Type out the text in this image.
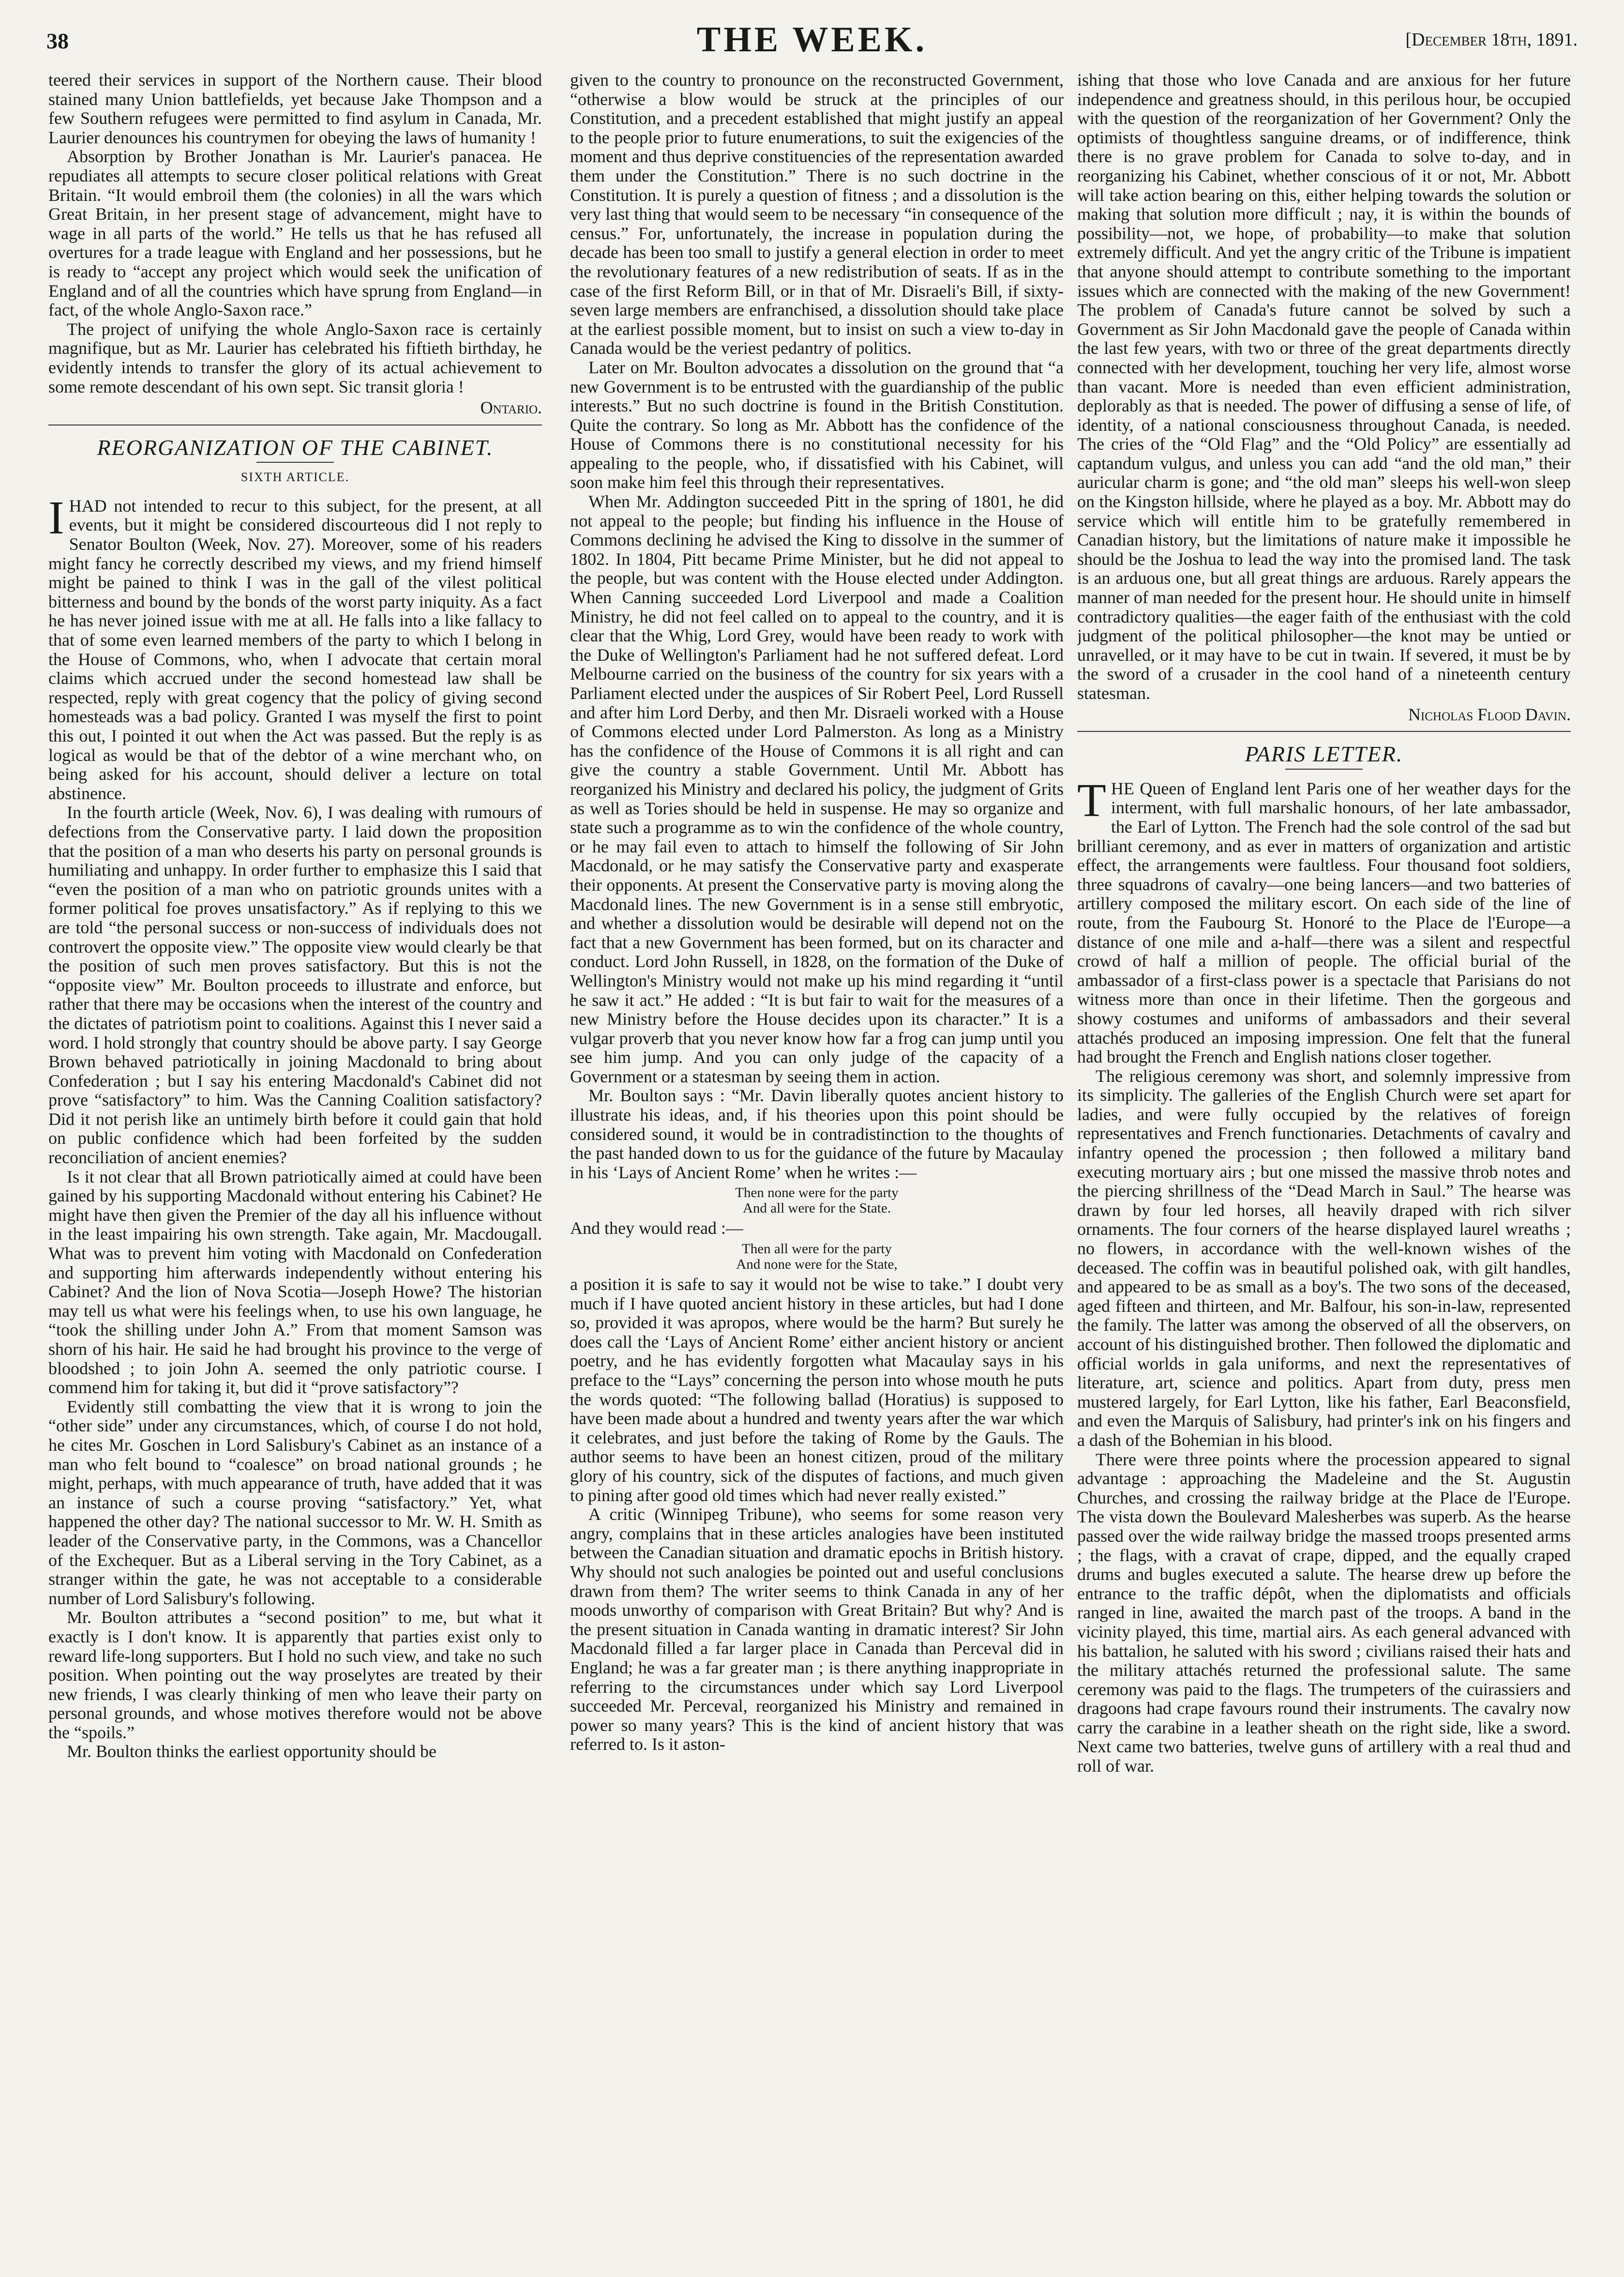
38	THE WEEK.	[December 18th, 1891.

teered their services in support of the Northern cause. Their blood stained many Union battlefields, yet because Jake Thompson and a few Southern refugees were permitted to find asylum in Canada, Mr. Laurier denounces his countrymen for obeying the laws of humanity !

Absorption by Brother Jonathan is Mr. Laurier's panacea. He repudiates all attempts to secure closer political relations with Great Britain. “It would embroil them (the colonies) in all the wars which Great Britain, in her present stage of advancement, might have to wage in all parts of the world.” He tells us that he has refused all overtures for a trade league with England and her possessions, but he is ready to “accept any project which would seek the unification of England and of all the countries which have sprung from England—in fact, of the whole Anglo-Saxon race.”

The project of unifying the whole Anglo-Saxon race is certainly magnifique, but as Mr. Laurier has celebrated his fiftieth birthday, he evidently intends to transfer the glory of its actual achievement to some remote descendant of his own sept. Sic transit gloria !

Ontario.
REORGANIZATION OF THE CABINET.
SIXTH ARTICLE.

IHAD not intended to recur to this subject, for the present, at all events, but it might be considered discourteous did I not reply to Senator Boulton (Week, Nov. 27). Moreover, some of his readers might fancy he correctly described my views, and my friend himself might be pained to think I was in the gall of the vilest political bitterness and bound by the bonds of the worst party iniquity. As a fact he has never joined issue with me at all. He falls into a like fallacy to that of some even learned members of the party to which I belong in the House of Commons, who, when I advocate that certain moral claims which accrued under the second homestead law shall be respected, reply with great cogency that the policy of giving second homesteads was a bad policy. Granted I was myself the first to point this out, I pointed it out when the Act was passed. But the reply is as logical as would be that of the debtor of a wine merchant who, on being asked for his account, should deliver a lecture on total abstinence.

In the fourth article (Week, Nov. 6), I was dealing with rumours of defections from the Conservative party. I laid down the proposition that the position of a man who deserts his party on personal grounds is humiliating and unhappy. In order further to emphasize this I said that “even the position of a man who on patriotic grounds unites with a former political foe proves unsatisfactory.” As if replying to this we are told “the personal success or non-success of individuals does not controvert the opposite view.” The opposite view would clearly be that the position of such men proves satisfactory. But this is not the “opposite view” Mr. Boulton proceeds to illustrate and enforce, but rather that there may be occasions when the interest of the country and the dictates of patriotism point to coalitions. Against this I never said a word. I hold strongly that country should be above party. I say George Brown behaved patriotically in joining Macdonald to bring about Confederation ; but I say his entering Macdonald's Cabinet did not prove “satisfactory” to him. Was the Canning Coalition satisfactory? Did it not perish like an untimely birth before it could gain that hold on public confidence which had been forfeited by the sudden reconciliation of ancient enemies?

Is it not clear that all Brown patriotically aimed at could have been gained by his supporting Macdonald without entering his Cabinet? He might have then given the Premier of the day all his influence without in the least impairing his own strength. Take again, Mr. Macdougall. What was to prevent him voting with Macdonald on Confederation and supporting him afterwards independently without entering his Cabinet? And the lion of Nova Scotia—Joseph Howe? The historian may tell us what were his feelings when, to use his own language, he “took the shilling under John A.” From that moment Samson was shorn of his hair. He said he had brought his province to the verge of bloodshed ; to join John A. seemed the only patriotic course. I commend him for taking it, but did it “prove satisfactory”?

Evidently still combatting the view that it is wrong to join the “other side” under any circumstances, which, of course I do not hold, he cites Mr. Goschen in Lord Salisbury's Cabinet as an instance of a man who felt bound to “coalesce” on broad national grounds ; he might, perhaps, with much appearance of truth, have added that it was an instance of such a course proving “satisfactory.” Yet, what happened the other day? The national successor to Mr. W. H. Smith as leader of the Conservative party, in the Commons, was a Chancellor of the Exchequer. But as a Liberal serving in the Tory Cabinet, as a stranger within the gate, he was not acceptable to a considerable number of Lord Salisbury's following.

Mr. Boulton attributes a “second position” to me, but what it exactly is I don't know. It is apparently that parties exist only to reward life-long supporters. But I hold no such view, and take no such position. When pointing out the way proselytes are treated by their new friends, I was clearly thinking of men who leave their party on personal grounds, and whose motives therefore would not be above the “spoils.”

Mr. Boulton thinks the earliest opportunity should be

given to the country to pronounce on the reconstructed Government, “otherwise a blow would be struck at the principles of our Constitution, and a precedent established that might justify an appeal to the people prior to future enumerations, to suit the exigencies of the moment and thus deprive constituencies of the representation awarded them under the Constitution.” There is no such doctrine in the Constitution. It is purely a question of fitness ; and a dissolution is the very last thing that would seem to be necessary “in consequence of the census.” For, unfortunately, the increase in population during the decade has been too small to justify a general election in order to meet the revolutionary features of a new redistribution of seats. If as in the case of the first Reform Bill, or in that of Mr. Disraeli's Bill, if sixty-seven large members are enfranchised, a dissolution should take place at the earliest possible moment, but to insist on such a view to-day in Canada would be the veriest pedantry of politics.

Later on Mr. Boulton advocates a dissolution on the ground that “a new Government is to be entrusted with the guardianship of the public interests.” But no such doctrine is found in the British Constitution. Quite the contrary. So long as Mr. Abbott has the confidence of the House of Commons there is no constitutional necessity for his appealing to the people, who, if dissatisfied with his Cabinet, will soon make him feel this through their representatives.

When Mr. Addington succeeded Pitt in the spring of 1801, he did not appeal to the people; but finding his influence in the House of Commons declining he advised the King to dissolve in the summer of 1802. In 1804, Pitt became Prime Minister, but he did not appeal to the people, but was content with the House elected under Addington. When Canning succeeded Lord Liverpool and made a Coalition Ministry, he did not feel called on to appeal to the country, and it is clear that the Whig, Lord Grey, would have been ready to work with the Duke of Wellington's Parliament had he not suffered defeat. Lord Melbourne carried on the business of the country for six years with a Parliament elected under the auspices of Sir Robert Peel, Lord Russell and after him Lord Derby, and then Mr. Disraeli worked with a House of Commons elected under Lord Palmerston. As long as a Ministry has the confidence of the House of Commons it is all right and can give the country a stable Government. Until Mr. Abbott has reorganized his Ministry and declared his policy, the judgment of Grits as well as Tories should be held in suspense. He may so organize and state such a programme as to win the confidence of the whole country, or he may fail even to attach to himself the following of Sir John Macdonald, or he may satisfy the Conservative party and exasperate their opponents. At present the Conservative party is moving along the Macdonald lines. The new Government is in a sense still embryotic, and whether a dissolution would be desirable will depend not on the fact that a new Government has been formed, but on its character and conduct. Lord John Russell, in 1828, on the formation of the Duke of Wellington's Ministry would not make up his mind regarding it “until he saw it act.” He added : “It is but fair to wait for the measures of a new Ministry before the House decides upon its character.” It is a vulgar proverb that you never know how far a frog can jump until you see him jump. And you can only judge of the capacity of a Government or a statesman by seeing them in action.

Mr. Boulton says : “Mr. Davin liberally quotes ancient history to illustrate his ideas, and, if his theories upon this point should be considered sound, it would be in contradistinction to the thoughts of the past handed down to us for the guidance of the future by Macaulay in his ‘Lays of Ancient Rome’ when he writes :—

Then none were for the party
And all were for the State.

And they would read :—

Then all were for the party
And none were for the State,

a position it is safe to say it would not be wise to take.” I doubt very much if I have quoted ancient history in these articles, but had I done so, provided it was apropos, where would be the harm? But surely he does call the ‘Lays of Ancient Rome’ either ancient history or ancient poetry, and he has evidently forgotten what Macaulay says in his preface to the “Lays” concerning the person into whose mouth he puts the words quoted: “The following ballad (Horatius) is supposed to have been made about a hundred and twenty years after the war which it celebrates, and just before the taking of Rome by the Gauls. The author seems to have been an honest citizen, proud of the military glory of his country, sick of the disputes of factions, and much given to pining after good old times which had never really existed.”

A critic (Winnipeg Tribune), who seems for some reason very angry, complains that in these articles analogies have been instituted between the Canadian situation and dramatic epochs in British history. Why should not such analogies be pointed out and useful conclusions drawn from them? The writer seems to think Canada in any of her moods unworthy of comparison with Great Britain? But why? And is the present situation in Canada wanting in dramatic interest? Sir John Macdonald filled a far larger place in Canada than Perceval did in England; he was a far greater man ; is there anything inappropriate in referring to the circumstances under which say Lord Liverpool succeeded Mr. Perceval, reorganized his Ministry and remained in power so many years? This is the kind of ancient history that was referred to. Is it aston-

ishing that those who love Canada and are anxious for her future independence and greatness should, in this perilous hour, be occupied with the question of the reorganization of her Government? Only the optimists of thoughtless sanguine dreams, or of indifference, think there is no grave problem for Canada to solve to-day, and in reorganizing his Cabinet, whether conscious of it or not, Mr. Abbott will take action bearing on this, either helping towards the solution or making that solution more difficult ; nay, it is within the bounds of possibility—not, we hope, of probability—to make that solution extremely difficult. And yet the angry critic of the Tribune is impatient that anyone should attempt to contribute something to the important issues which are connected with the making of the new Government! The problem of Canada's future cannot be solved by such a Government as Sir John Macdonald gave the people of Canada within the last few years, with two or three of the great departments directly connected with her development, touching her very life, almost worse than vacant. More is needed than even efficient administration, deplorably as that is needed. The power of diffusing a sense of life, of identity, of a national consciousness throughout Canada, is needed. The cries of the “Old Flag” and the “Old Policy” are essentially ad captandum vulgus, and unless you can add “and the old man,” their auricular charm is gone; and “the old man” sleeps his well-won sleep on the Kingston hillside, where he played as a boy. Mr. Abbott may do service which will entitle him to be gratefully remembered in Canadian history, but the limitations of nature make it impossible he should be the Joshua to lead the way into the promised land. The task is an arduous one, but all great things are arduous. Rarely appears the manner of man needed for the present hour. He should unite in himself contradictory qualities—the eager faith of the enthusiast with the cold judgment of the political philosopher—the knot may be untied or unravelled, or it may have to be cut in twain. If severed, it must be by the sword of a crusader in the cool hand of a nineteenth century statesman.

Nicholas Flood Davin.
PARIS LETTER.

THE Queen of England lent Paris one of her weather days for the interment, with full marshalic honours, of her late ambassador, the Earl of Lytton. The French had the sole control of the sad but brilliant ceremony, and as ever in matters of organization and artistic effect, the arrangements were faultless. Four thousand foot soldiers, three squadrons of cavalry—one being lancers—and two batteries of artillery composed the military escort. On each side of the line of route, from the Faubourg St. Honoré to the Place de l'Europe—a distance of one mile and a-half—there was a silent and respectful crowd of half a million of people. The official burial of the ambassador of a first-class power is a spectacle that Parisians do not witness more than once in their lifetime. Then the gorgeous and showy costumes and uniforms of ambassadors and their several attachés produced an imposing impression. One felt that the funeral had brought the French and English nations closer together.

The religious ceremony was short, and solemnly impressive from its simplicity. The galleries of the English Church were set apart for ladies, and were fully occupied by the relatives of foreign representatives and French functionaries. Detachments of cavalry and infantry opened the procession ; then followed a military band executing mortuary airs ; but one missed the massive throb notes and the piercing shrillness of the “Dead March in Saul.” The hearse was drawn by four led horses, all heavily draped with rich silver ornaments. The four corners of the hearse displayed laurel wreaths ; no flowers, in accordance with the well-known wishes of the deceased. The coffin was in beautiful polished oak, with gilt handles, and appeared to be as small as a boy's. The two sons of the deceased, aged fifteen and thirteen, and Mr. Balfour, his son-in-law, represented the family. The latter was among the observed of all the observers, on account of his distinguished brother. Then followed the diplomatic and official worlds in gala uniforms, and next the representatives of literature, art, science and politics. Apart from duty, press men mustered largely, for Earl Lytton, like his father, Earl Beaconsfield, and even the Marquis of Salisbury, had printer's ink on his fingers and a dash of the Bohemian in his blood.

There were three points where the procession appeared to signal advantage : approaching the Madeleine and the St. Augustin Churches, and crossing the railway bridge at the Place de l'Europe. The vista down the Boulevard Malesherbes was superb. As the hearse passed over the wide railway bridge the massed troops presented arms ; the flags, with a cravat of crape, dipped, and the equally craped drums and bugles executed a salute. The hearse drew up before the entrance to the traffic dépôt, when the diplomatists and officials ranged in line, awaited the march past of the troops. A band in the vicinity played, this time, martial airs. As each general advanced with his battalion, he saluted with his sword ; civilians raised their hats and the military attachés returned the professional salute. The same ceremony was paid to the flags. The trumpeters of the cuirassiers and dragoons had crape favours round their instruments. The cavalry now carry the carabine in a leather sheath on the right side, like a sword. Next came two batteries, twelve guns of artillery with a real thud and roll of war.
